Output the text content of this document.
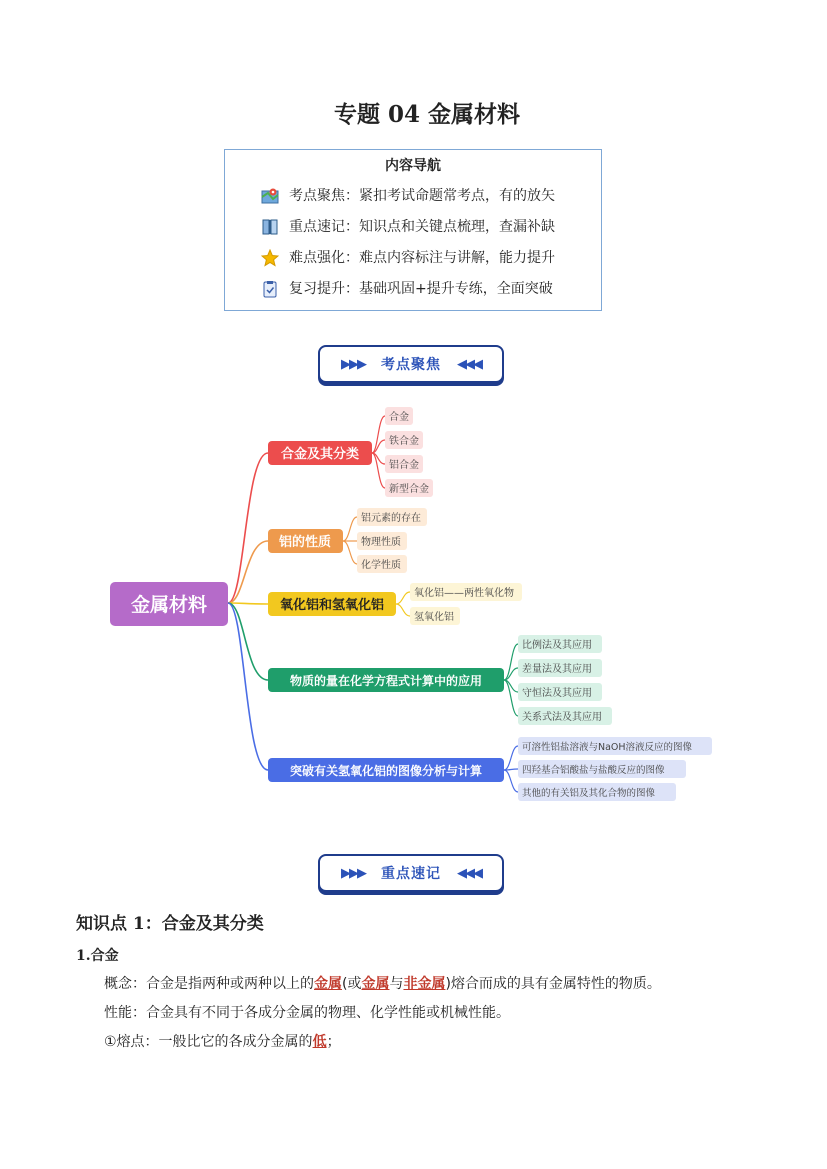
专题 04 金属材料
内容导航
考点聚焦：紧扣考试命题常考点，有的放矢
重点速记：知识点和关键点梳理，查漏补缺
难点强化：难点内容标注与讲解，能力提升
复习提升：基础巩固+提升专练，全面突破
▶▶▶ 考点聚焦 ◀◀◀
金属材料
合金及其分类
铝的性质
氧化铝和氢氧化铝
物质的量在化学方程式计算中的应用
突破有关氢氧化铝的图像分析与计算
合金
铁合金
铝合金
新型合金
铝元素的存在
物理性质
化学性质
氧化铝——两性氧化物
氢氧化铝
比例法及其应用
差量法及其应用
守恒法及其应用
关系式法及其应用
可溶性铝盐溶液与NaOH溶液反应的图像
四羟基合铝酸盐与盐酸反应的图像
其他的有关铝及其化合物的图像
▶▶▶ 重点速记 ◀◀◀
知识点 1：合金及其分类
1.合金
概念：合金是指两种或两种以上的金属(或金属与非金属)熔合而成的具有金属特性的物质。
性能：合金具有不同于各成分金属的物理、化学性能或机械性能。
①熔点：一般比它的各成分金属的低；
